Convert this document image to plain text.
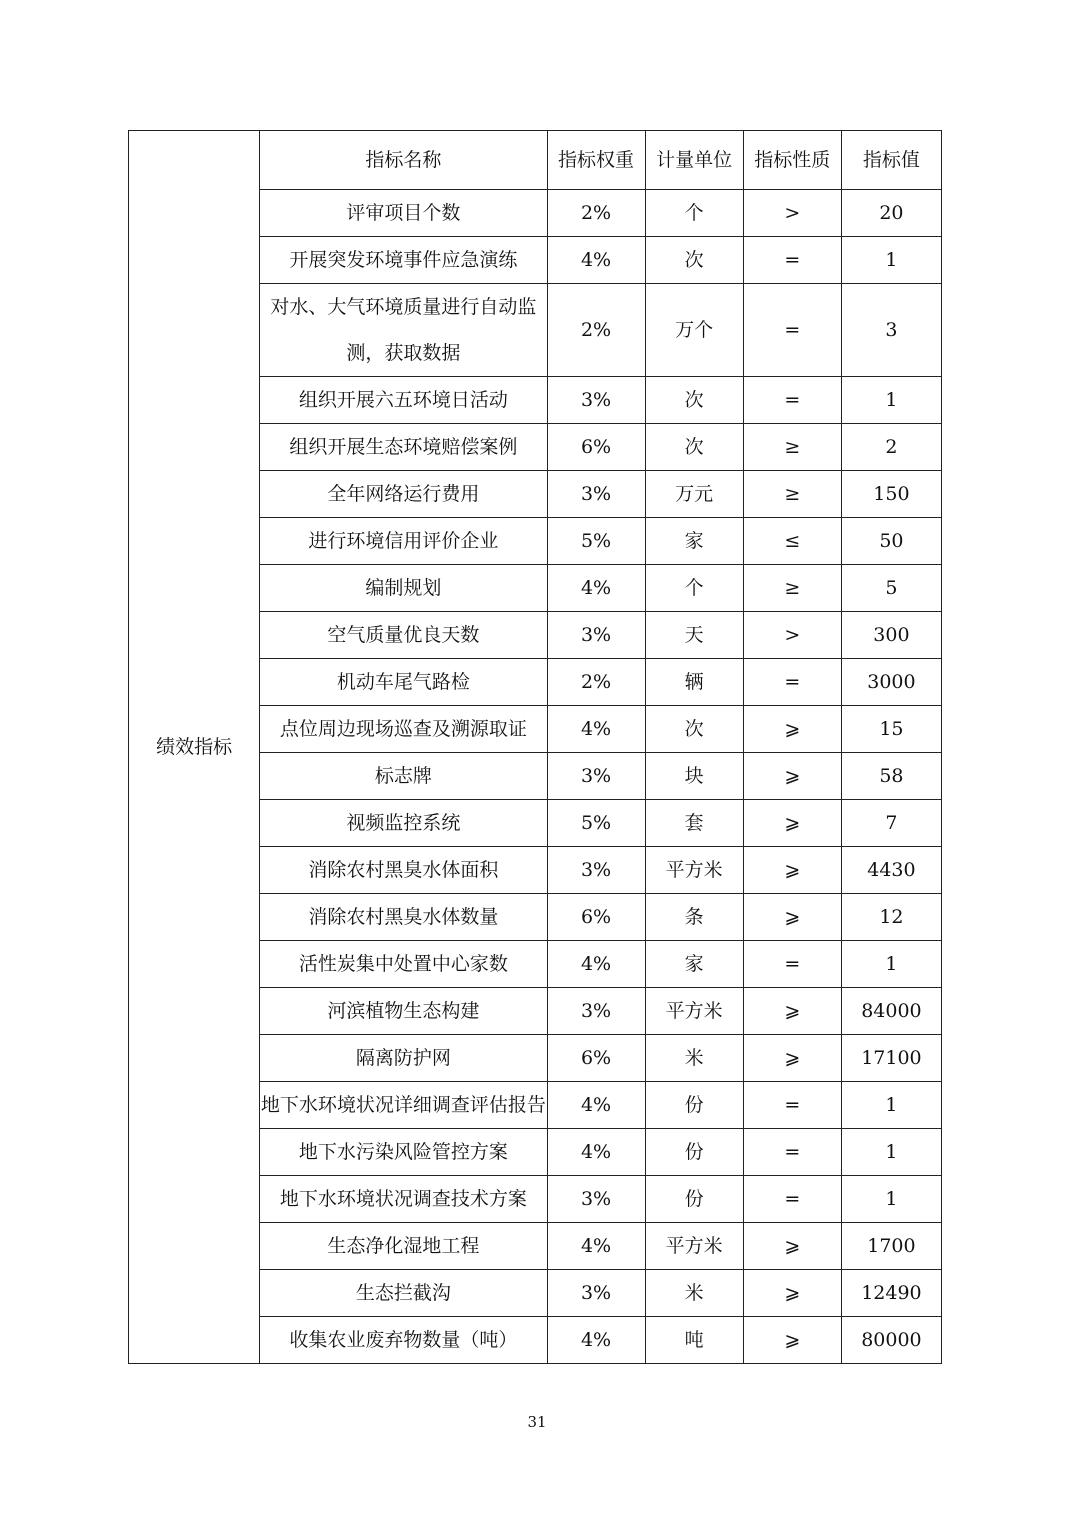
绩效指标	指标名称	指标权重	计量单位	指标性质	指标值
	评审项目个数	2%	个	>	20
	开展突发环境事件应急演练	4%	次	=	1
	对水、大气环境质量进行自动监测，获取数据	2%	万个	=	3
	组织开展六五环境日活动	3%	次	=	1
	组织开展生态环境赔偿案例	6%	次	≥	2
	全年网络运行费用	3%	万元	≥	150
	进行环境信用评价企业	5%	家	≤	50
	编制规划	4%	个	≥	5
	空气质量优良天数	3%	天	>	300
	机动车尾气路检	2%	辆	=	3000
	点位周边现场巡查及溯源取证	4%	次	⩾	15
	标志牌	3%	块	⩾	58
	视频监控系统	5%	套	⩾	7
	消除农村黑臭水体面积	3%	平方米	⩾	4430
	消除农村黑臭水体数量	6%	条	⩾	12
	活性炭集中处置中心家数	4%	家	=	1
	河滨植物生态构建	3%	平方米	⩾	84000
	隔离防护网	6%	米	⩾	17100
	地下水环境状况详细调查评估报告	4%	份	=	1
	地下水污染风险管控方案	4%	份	=	1
	地下水环境状况调查技术方案	3%	份	=	1
	生态净化湿地工程	4%	平方米	⩾	1700
	生态拦截沟	3%	米	⩾	12490
	收集农业废弃物数量（吨）	4%	吨	⩾	80000
31
